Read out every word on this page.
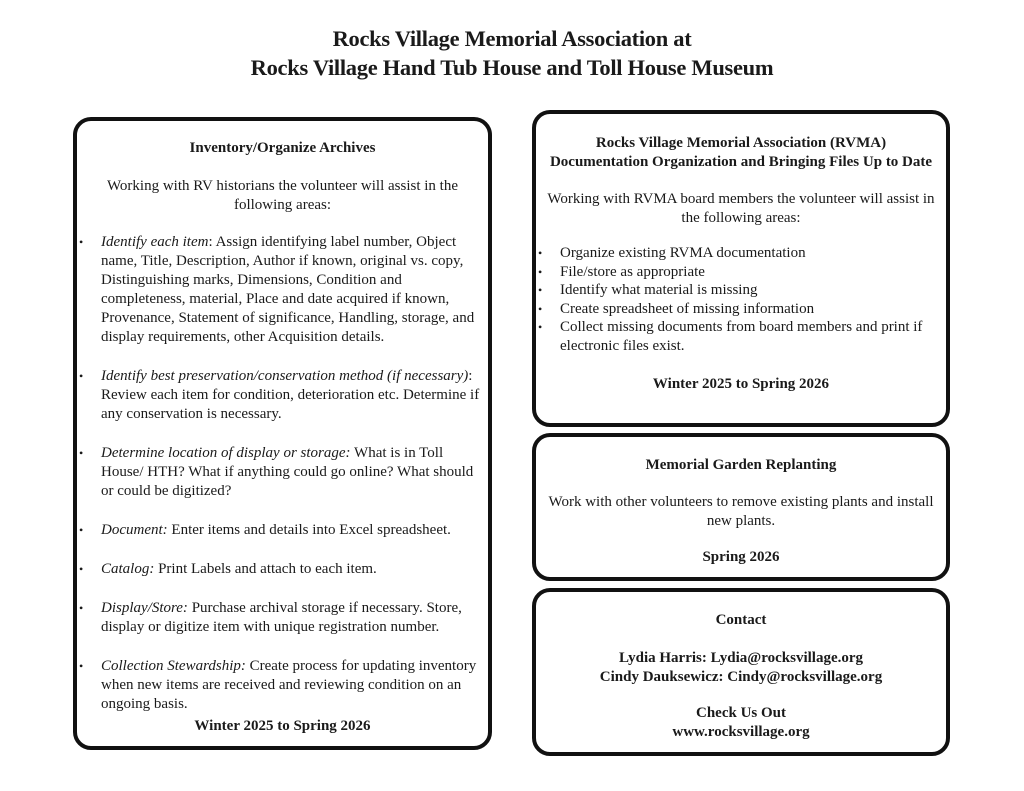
Rocks Village Memorial Association at
Rocks Village Hand Tub House and Toll House Museum
Inventory/Organize Archives
Working with RV historians the volunteer will assist in the following areas:
• Identify each item: Assign identifying label number, Object name, Title, Description, Author if known, original vs. copy, Distinguishing marks, Dimensions, Condition and completeness, material, Place and date acquired if known, Provenance, Statement of significance, Handling, storage, and display requirements, other Acquisition details.
• Identify best preservation/conservation method (if necessary): Review each item for condition, deterioration etc. Determine if any conservation is necessary.
• Determine location of display or storage: What is in Toll House/ HTH? What if anything could go online? What should or could be digitized?
• Document: Enter items and details into Excel spreadsheet.
• Catalog: Print Labels and attach to each item.
• Display/Store: Purchase archival storage if necessary. Store, display or digitize item with unique registration number.
• Collection Stewardship: Create process for updating inventory when new items are received and reviewing condition on an ongoing basis.
Winter 2025 to Spring 2026
Rocks Village Memorial Association (RVMA)
Documentation Organization and Bringing Files Up to Date
Working with RVMA board members the volunteer will assist in the following areas:
• Organize existing RVMA documentation
• File/store as appropriate
• Identify what material is missing
• Create spreadsheet of missing information
• Collect missing documents from board members and print if electronic files exist.
Winter 2025 to Spring 2026
Memorial Garden Replanting
Work with other volunteers to remove existing plants and install new plants.
Spring 2026
Contact
Lydia Harris: Lydia@rocksvillage.org
Cindy Dauksewicz: Cindy@rocksvillage.org
Check Us Out
www.rocksvillage.org
